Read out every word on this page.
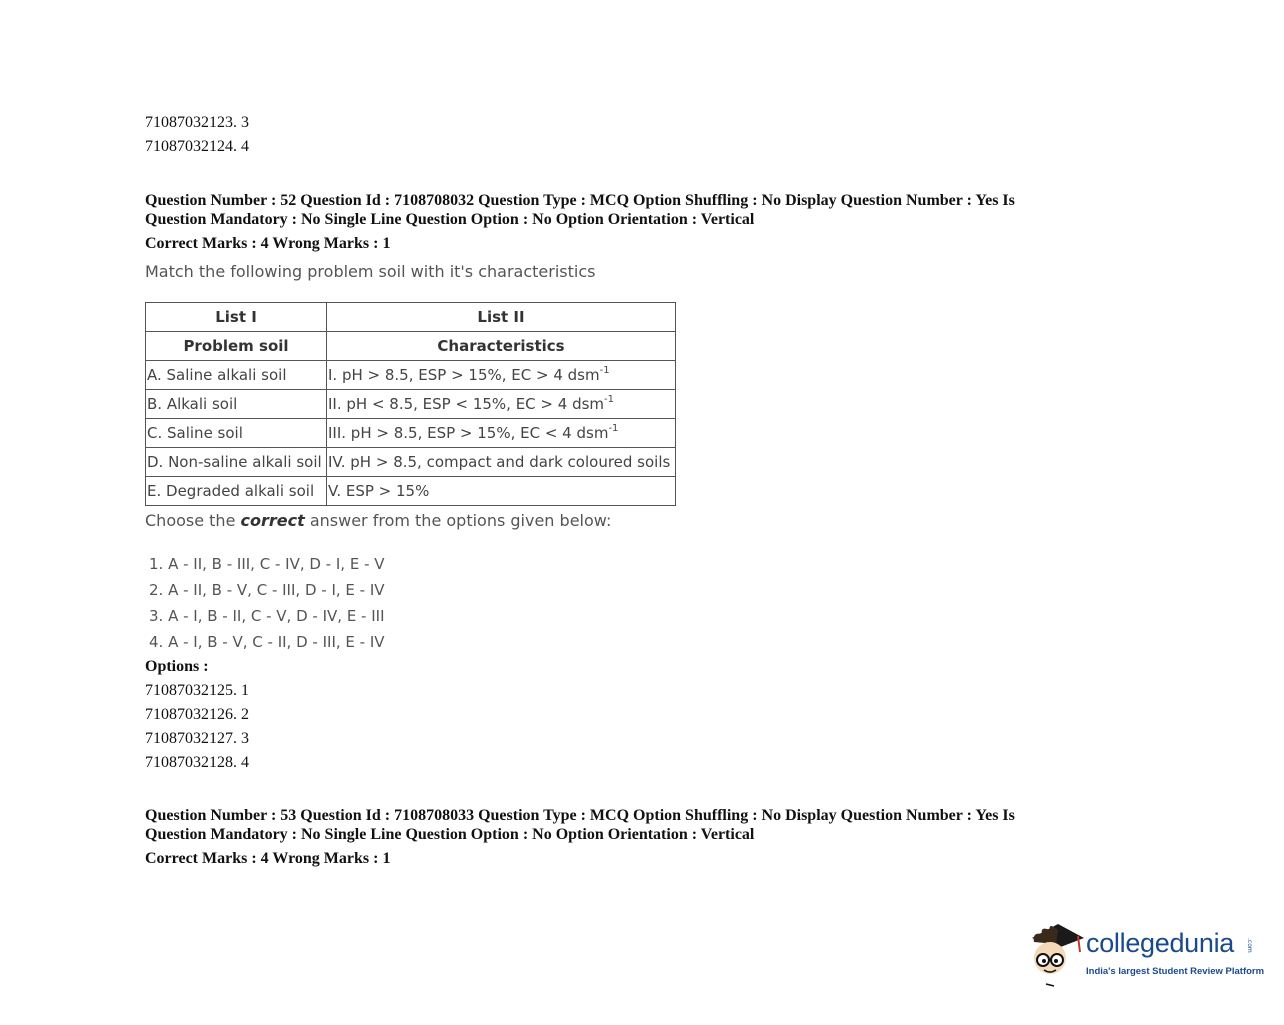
71087032123. 3
71087032124. 4
Question Number : 52 Question Id : 7108708032 Question Type : MCQ Option Shuffling : No Display Question Number : Yes Is
Question Mandatory : No Single Line Question Option : No Option Orientation : Vertical
Correct Marks : 4 Wrong Marks : 1
Match the following problem soil with it's characteristics
List I	List II
Problem soil	Characteristics
A. Saline alkali soil	I. pH > 8.5, ESP > 15%, EC > 4 dsm$^{-1}$
B. Alkali soil	II. pH < 8.5, ESP < 15%, EC > 4 dsm$^{-1}$
C. Saline soil	III. pH > 8.5, ESP > 15%, EC < 4 dsm$^{-1}$
D. Non-saline alkali soil	IV. pH > 8.5, compact and dark coloured soils
E. Degraded alkali soil	V. ESP > 15%
Choose the correct answer from the options given below:
1. A - II, B - III, C - IV, D - I, E - V
2. A - II, B - V, C - III, D - I, E - IV
3. A - I, B - II, C - V, D - IV, E - III
4. A - I, B - V, C - II, D - III, E - IV
Options :
71087032125. 1
71087032126. 2
71087032127. 3
71087032128. 4
Question Number : 53 Question Id : 7108708033 Question Type : MCQ Option Shuffling : No Display Question Number : Yes Is
Question Mandatory : No Single Line Question Option : No Option Orientation : Vertical
Correct Marks : 4 Wrong Marks : 1
collegedunia .com
India's largest Student Review Platform
